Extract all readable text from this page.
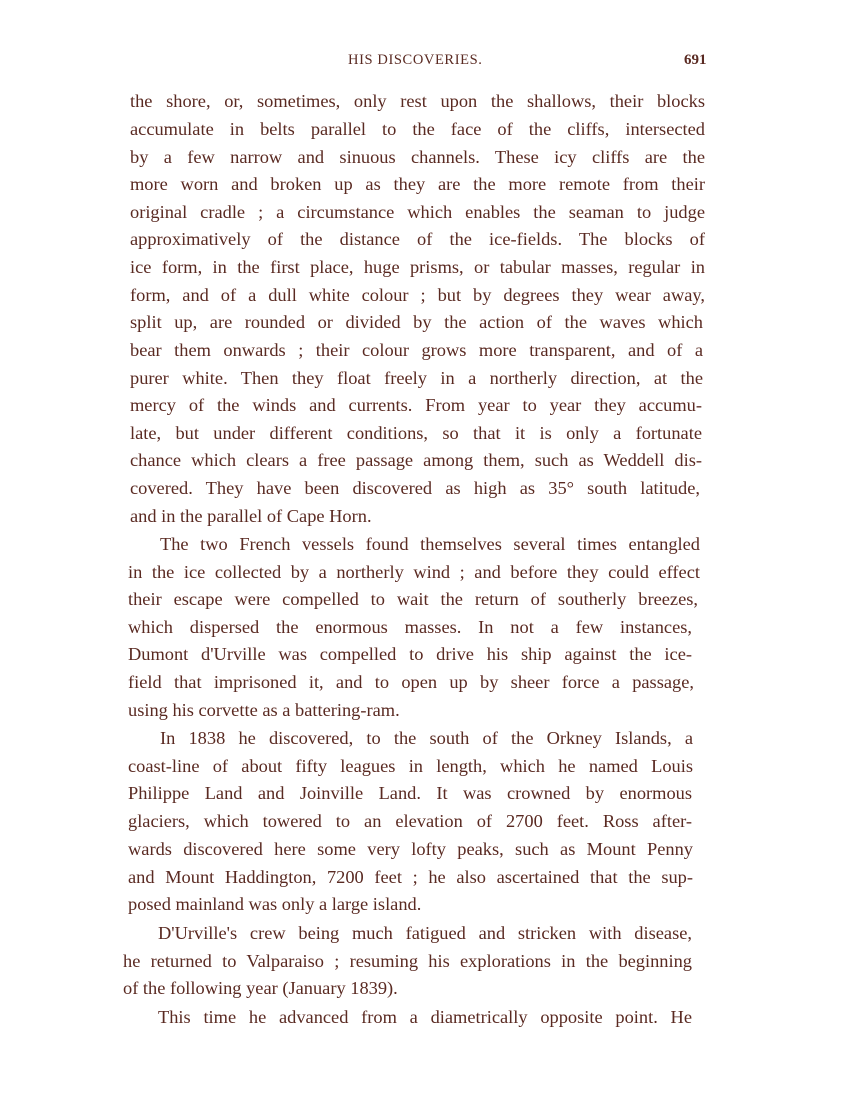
HIS DISCOVERIES.	691
the shore, or, sometimes, only rest upon the shallows, their blocks
accumulate in belts parallel to the face of the cliffs, intersected
by a few narrow and sinuous channels. These icy cliffs are the
more worn and broken up as they are the more remote from their
original cradle ; a circumstance which enables the seaman to judge
approximatively of the distance of the ice-fields. The blocks of
ice form, in the first place, huge prisms, or tabular masses, regular in
form, and of a dull white colour ; but by degrees they wear away,
split up, are rounded or divided by the action of the waves which
bear them onwards ; their colour grows more transparent, and of a
purer white. Then they float freely in a northerly direction, at the
mercy of the winds and currents. From year to year they accumu-
late, but under different conditions, so that it is only a fortunate
chance which clears a free passage among them, such as Weddell dis-
covered. They have been discovered as high as 35° south latitude,
and in the parallel of Cape Horn.
The two French vessels found themselves several times entangled
in the ice collected by a northerly wind ; and before they could effect
their escape were compelled to wait the return of southerly breezes,
which dispersed the enormous masses. In not a few instances,
Dumont d'Urville was compelled to drive his ship against the ice-
field that imprisoned it, and to open up by sheer force a passage,
using his corvette as a battering-ram.
In 1838 he discovered, to the south of the Orkney Islands, a
coast-line of about fifty leagues in length, which he named Louis
Philippe Land and Joinville Land. It was crowned by enormous
glaciers, which towered to an elevation of 2700 feet. Ross after-
wards discovered here some very lofty peaks, such as Mount Penny
and Mount Haddington, 7200 feet ; he also ascertained that the sup-
posed mainland was only a large island.
D'Urville's crew being much fatigued and stricken with disease,
he returned to Valparaiso ; resuming his explorations in the beginning
of the following year (January 1839).
This time he advanced from a diametrically opposite point. He
